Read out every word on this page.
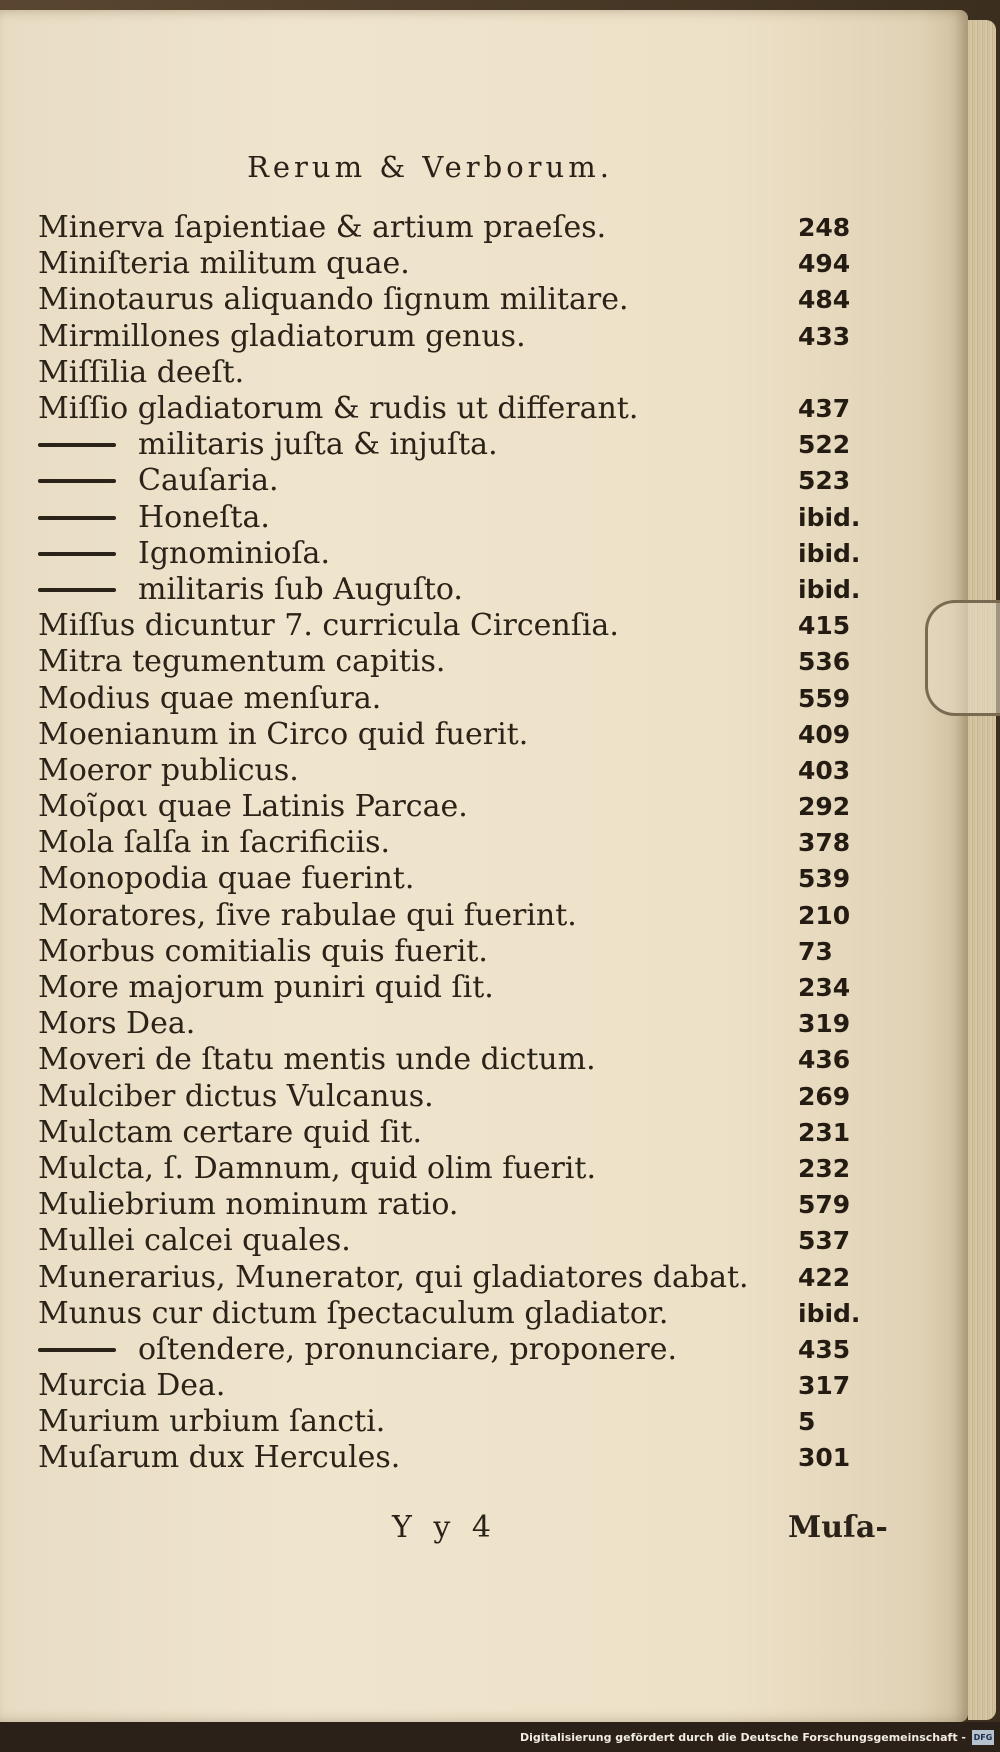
Rerum & Verborum.
Minerva ſapientiae & artium praeſes.	248
Miniſteria militum quae.	494
Minotaurus aliquando ſignum militare.	484
Mirmillones gladiatorum genus.	433
Miſſilia deeſt.
Miſſio gladiatorum & rudis ut differant.	437
militaris juſta & injuſta.	522
Cauſaria.	523
Honeſta.	ibid.
Ignominioſa.	ibid.
militaris ſub Auguſto.	ibid.
Miſſus dicuntur 7. curricula Circenſia.	415
Mitra tegumentum capitis.	536
Modius quae menſura.	559
Moenianum in Circo quid fuerit.	409
Moeror publicus.	403
Μοῖραι quae Latinis Parcae.	292
Mola ſalſa in ſacrificiis.	378
Monopodia quae fuerint.	539
Moratores, ſive rabulae qui fuerint.	210
Morbus comitialis quis fuerit.	73
More majorum puniri quid ſit.	234
Mors Dea.	319
Moveri de ſtatu mentis unde dictum.	436
Mulciber dictus Vulcanus.	269
Mulctam certare quid ſit.	231
Mulcta, ſ. Damnum, quid olim fuerit.	232
Muliebrium nominum ratio.	579
Mullei calcei quales.	537
Munerarius, Munerator, qui gladiatores dabat. 422
Munus cur dictum ſpectaculum gladiator.	ibid.
oſtendere, pronunciare, proponere.	435
Murcia Dea.	317
Murium urbium ſancti.	5
Muſarum dux Hercules.	301
Y y 4	Muſa-
Digitalisierung gefördert durch die Deutsche Forschungsgemeinschaft - DFG
